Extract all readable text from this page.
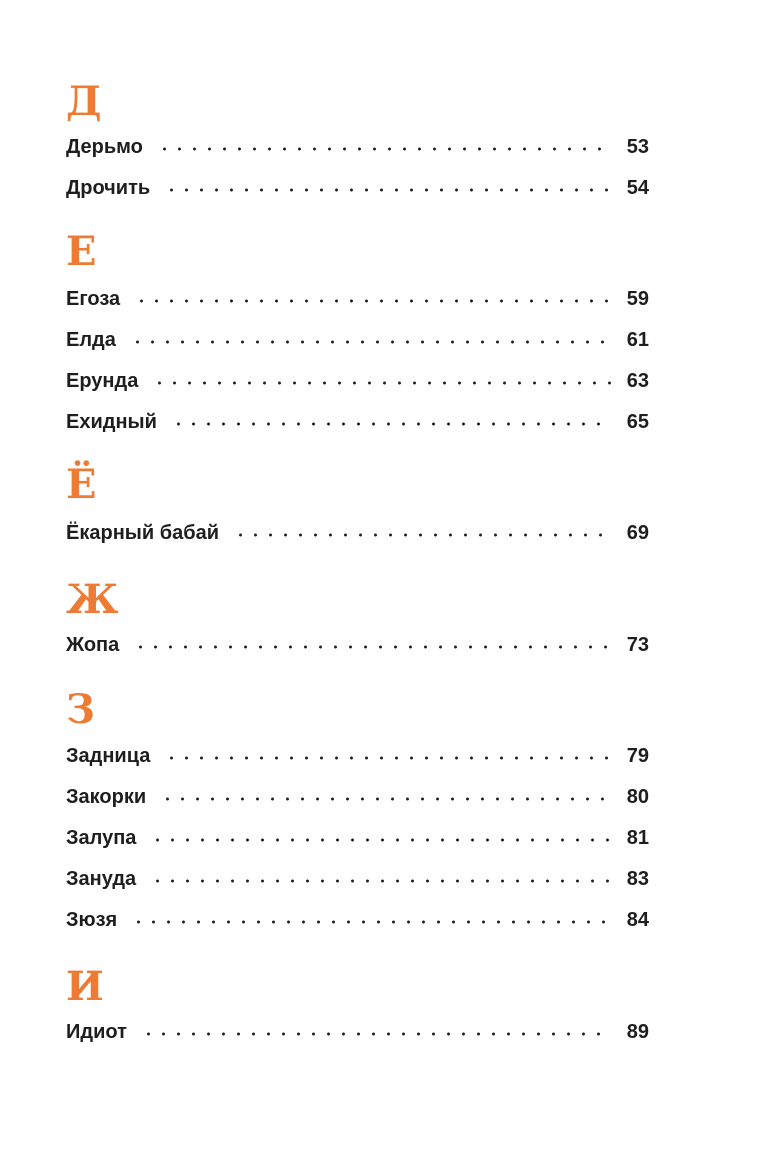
Д
Дерьмо	53
Дрочить	54
Е
Егоза	59
Елда	61
Ерунда	63
Ехидный	65
Ё
Ёкарный бабай	69
Ж
Жопа	73
З
Задница	79
Закорки	80
Залупа	81
Зануда	83
Зюзя	84
И
Идиот	89
